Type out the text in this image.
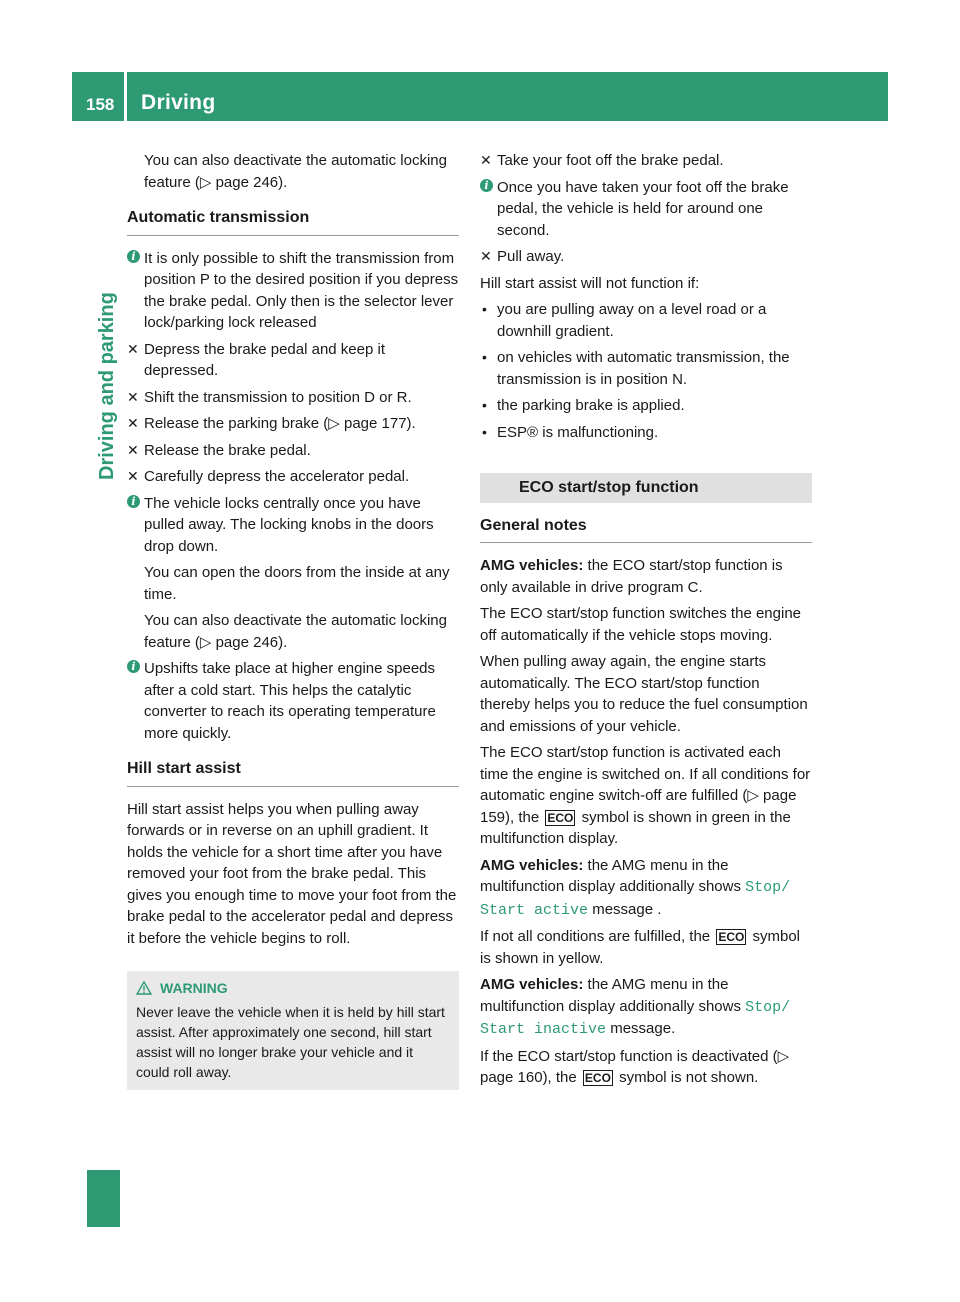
158	Driving
Driving and parking

You can also deactivate the automatic locking feature (▷ page 246).

Automatic transmission
i It is only possible to shift the transmission from position P to the desired position if you depress the brake pedal. Only then is the selector lever lock/parking lock released
✕ Depress the brake pedal and keep it depressed.
✕ Shift the transmission to position D or R.
✕ Release the parking brake (▷ page 177).
✕ Release the brake pedal.
✕ Carefully depress the accelerator pedal.
i The vehicle locks centrally once you have pulled away. The locking knobs in the doors drop down.

You can open the doors from the inside at any time.

You can also deactivate the automatic locking feature (▷ page 246).

i Upshifts take place at higher engine speeds after a cold start. This helps the catalytic converter to reach its operating temperature more quickly.
Hill start assist

Hill start assist helps you when pulling away forwards or in reverse on an uphill gradient. It holds the vehicle for a short time after you have removed your foot from the brake pedal. This gives you enough time to move your foot from the brake pedal to the accelerator pedal and depress it before the vehicle begins to roll.

WARNING
Never leave the vehicle when it is held by hill start assist. After approximately one second, hill start assist will no longer brake your vehicle and it could roll away.
✕ Take your foot off the brake pedal.
i Once you have taken your foot off the brake pedal, the vehicle is held for around one second.
✕ Pull away.

Hill start assist will not function if:

• you are pulling away on a level road or a downhill gradient.
• on vehicles with automatic transmission, the transmission is in position N.
• the parking brake is applied.
• ESP® is malfunctioning.
ECO start/stop function
General notes

AMG vehicles: the ECO start/stop function is only available in drive program C.

The ECO start/stop function switches the engine off automatically if the vehicle stops moving.

When pulling away again, the engine starts automatically. The ECO start/stop function thereby helps you to reduce the fuel consumption and emissions of your vehicle.

The ECO start/stop function is activated each time the engine is switched on. If all conditions for automatic engine switch-off are fulfilled (▷ page 159), the ECO symbol is shown in green in the multifunction display.

AMG vehicles: the AMG menu in the multifunction display additionally shows Stop/ Start active message .

If not all conditions are fulfilled, the ECO symbol is shown in yellow.

AMG vehicles: the AMG menu in the multifunction display additionally shows Stop/ Start inactive message.

If the ECO start/stop function is deactivated (▷ page 160), the ECO symbol is not shown.
